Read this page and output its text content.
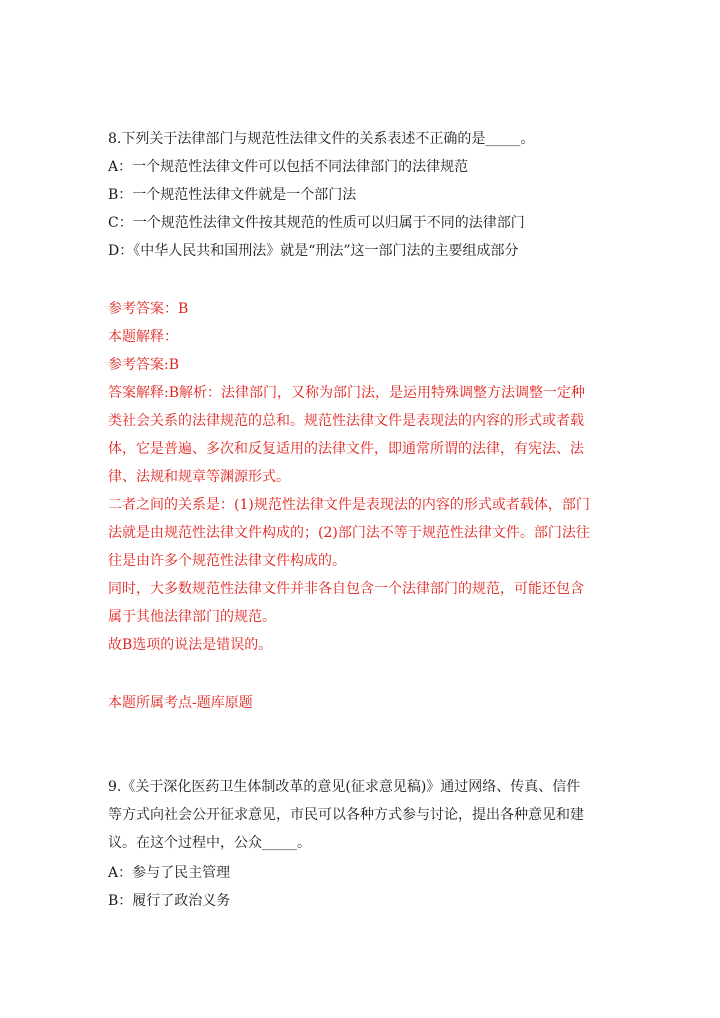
8.下列关于法律部门与规范性法律文件的关系表述不正确的是_____。
A：一个规范性法律文件可以包括不同法律部门的法律规范
B：一个规范性法律文件就是一个部门法
C：一个规范性法律文件按其规范的性质可以归属于不同的法律部门
D：《中华人民共和国刑法》就是“刑法”这一部门法的主要组成部分
参考答案：B
本题解释：
参考答案:B
答案解释:B解析：法律部门，又称为部门法，是运用特殊调整方法调整一定种
类社会关系的法律规范的总和。规范性法律文件是表现法的内容的形式或者载
体，它是普遍、多次和反复适用的法律文件，即通常所谓的法律，有宪法、法
律、法规和规章等渊源形式。
二者之间的关系是：(1)规范性法律文件是表现法的内容的形式或者载体，部门
法就是由规范性法律文件构成的；(2)部门法不等于规范性法律文件。部门法往
往是由许多个规范性法律文件构成的。
同时，大多数规范性法律文件并非各自包含一个法律部门的规范，可能还包含
属于其他法律部门的规范。
故B选项的说法是错误的。
本题所属考点-题库原题
9.《关于深化医药卫生体制改革的意见(征求意见稿)》通过网络、传真、信件
等方式向社会公开征求意见，市民可以各种方式参与讨论，提出各种意见和建
议。在这个过程中，公众_____。
A：参与了民主管理
B：履行了政治义务
